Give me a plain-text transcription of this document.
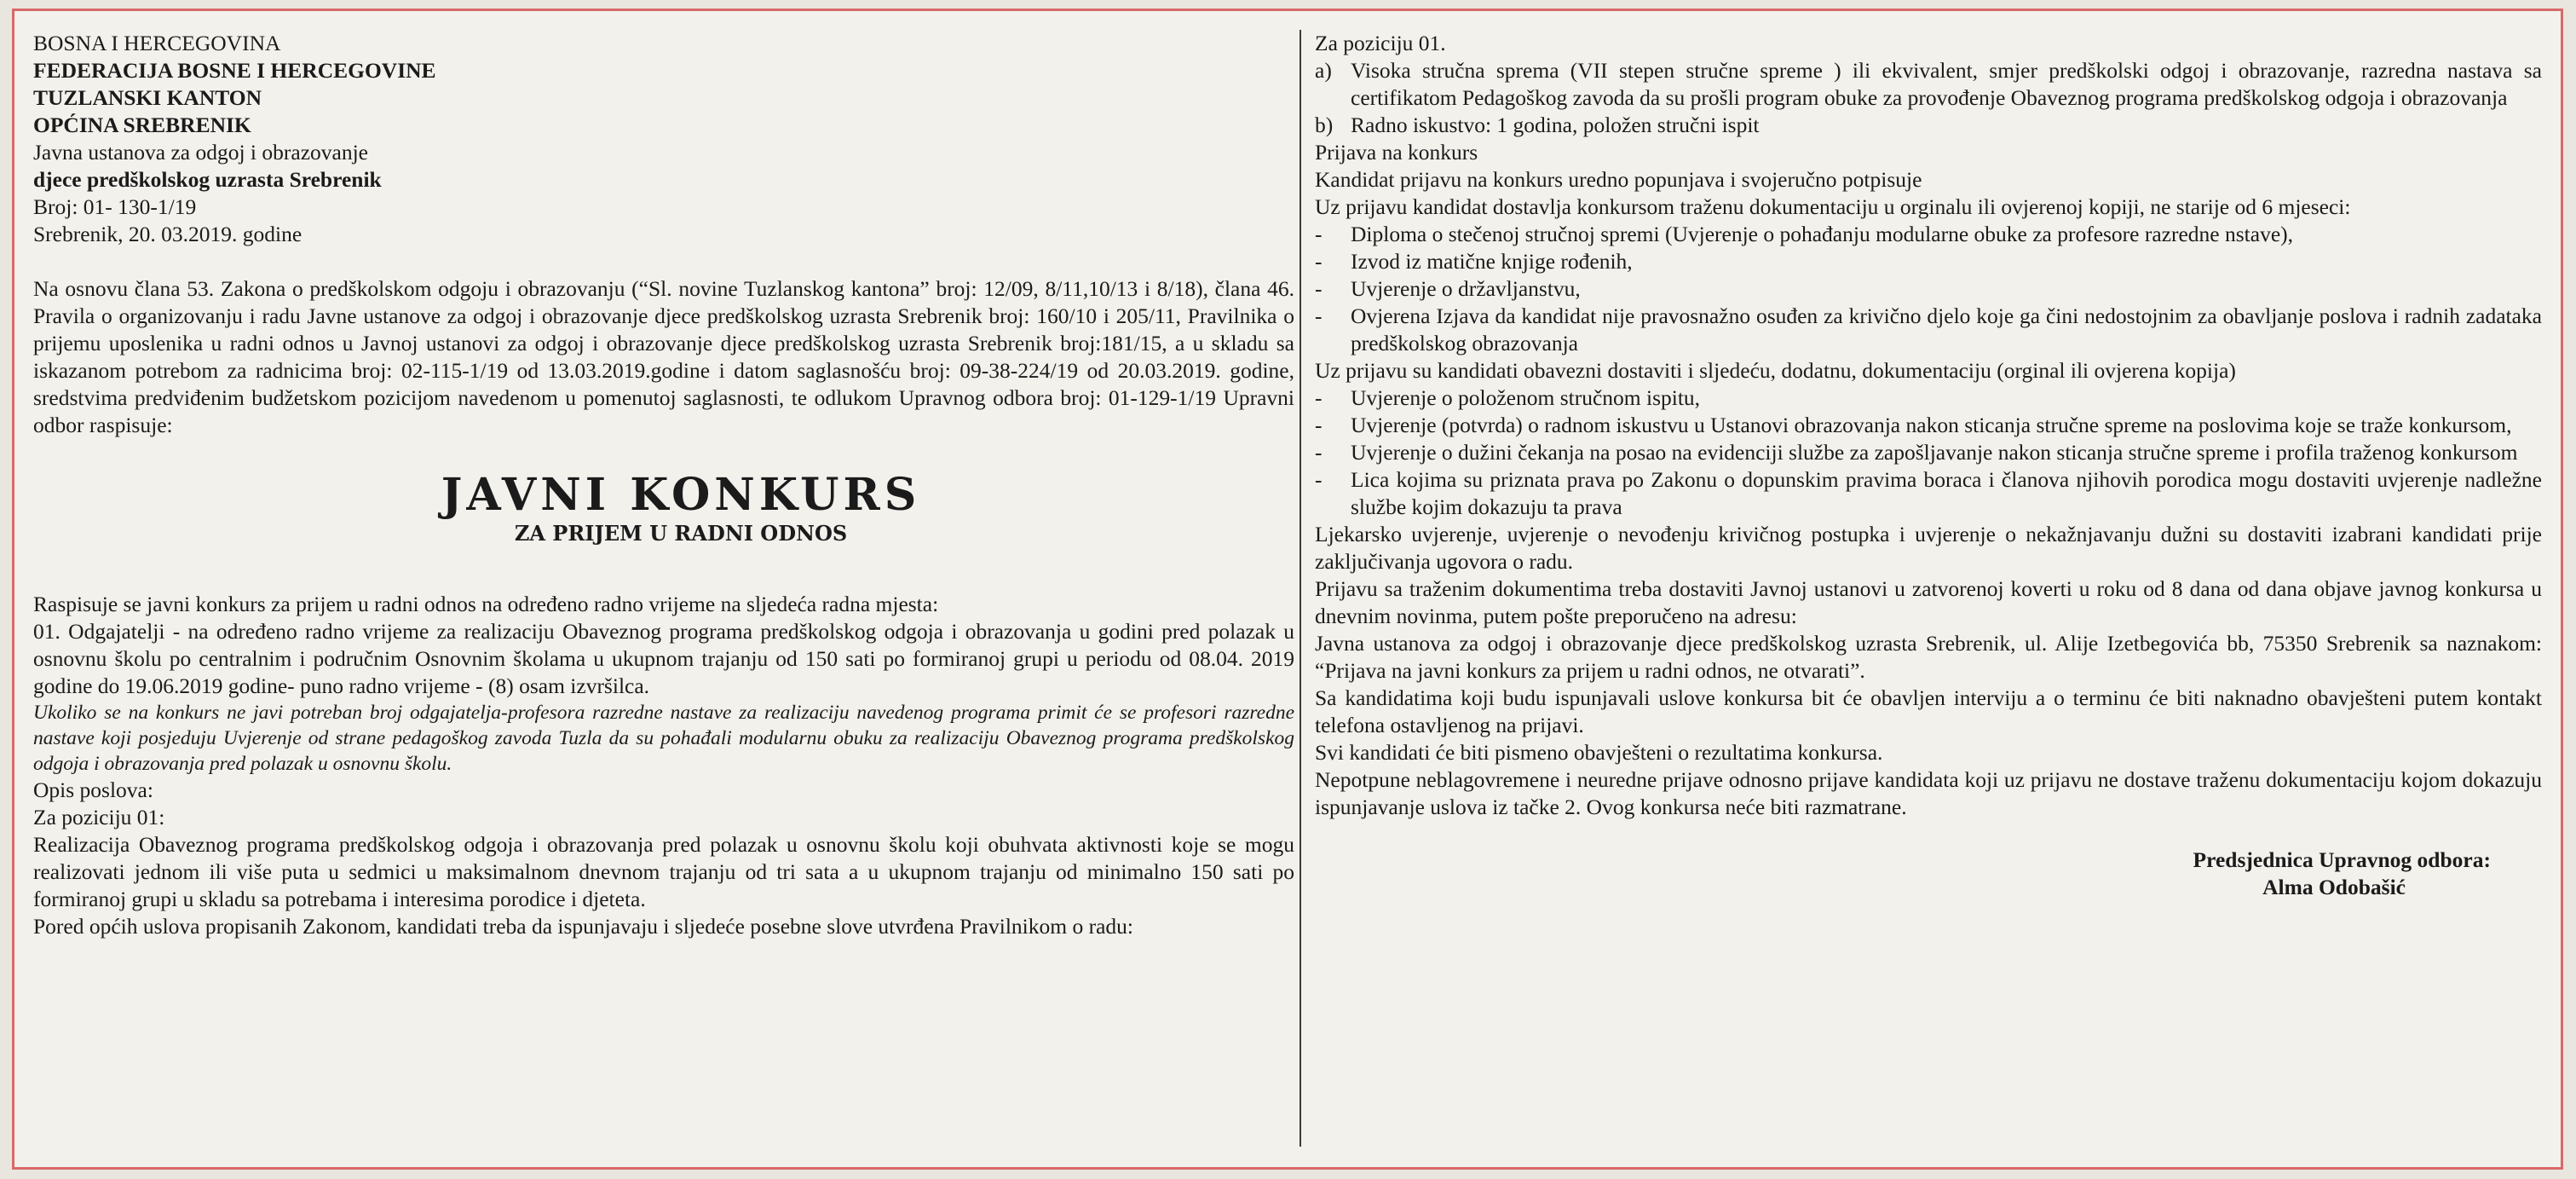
BOSNA I HERCEGOVINA

FEDERACIJA BOSNE I HERCEGOVINE

TUZLANSKI KANTON

OPĆINA SREBRENIK

Javna ustanova za odgoj i obrazovanje

djece predškolskog uzrasta Srebrenik

Broj: 01- 130-1/19

Srebrenik, 20. 03.2019. godine

Na osnovu člana 53. Zakona o predškolskom odgoju i obrazovanju (“Sl. novine Tuzlanskog kantona” broj: 12/09, 8/11,10/13 i 8/18), člana 46. Pravila o organizovanju i radu Javne ustanove za odgoj i obrazovanje djece predškolskog uzrasta Srebrenik broj: 160/10 i 205/11, Pravilnika o prijemu uposlenika u radni odnos u Javnoj ustanovi za odgoj i obrazovanje djece predškolskog uzrasta Srebrenik broj:181/15, a u skladu sa iskazanom potrebom za radnicima broj: 02-115-1/19 od 13.03.2019.godine i datom saglasnošću broj: 09-38-224/19 od 20.03.2019. godine, sredstvima predviđenim budžetskom pozicijom navedenom u pomenutoj saglasnosti, te odlukom Upravnog odbora broj: 01-129-1/19 Upravni odbor raspisuje:

JAVNI KONKURS
ZA PRIJEM U RADNI ODNOS

Raspisuje se javni konkurs za prijem u radni odnos na određeno radno vrijeme na sljedeća radna mjesta:

01. Odgajatelji - na određeno radno vrijeme za realizaciju Obaveznog programa predškolskog odgoja i obrazovanja u godini pred polazak u osnovnu školu po centralnim i područnim Osnovnim školama u ukupnom trajanju od 150 sati po formiranoj grupi u periodu od 08.04. 2019 godine do 19.06.2019 godine- puno radno vrijeme - (8) osam izvršilca.

Ukoliko se na konkurs ne javi potreban broj odgajatelja-profesora razredne nastave za realizaciju navedenog programa primit će se profesori razredne nastave koji posjeduju Uvjerenje od strane pedagoškog zavoda Tuzla da su pohađali modularnu obuku za realizaciju Obaveznog programa predškolskog odgoja i obrazovanja pred polazak u osnovnu školu.

Opis poslova:

Za poziciju 01:

Realizacija Obaveznog programa predškolskog odgoja i obrazovanja pred polazak u osnovnu školu koji obuhvata aktivnosti koje se mogu realizovati jednom ili više puta u sedmici u maksimalnom dnevnom trajanju od tri sata a u ukupnom trajanju od minimalno 150 sati po formiranoj grupi u skladu sa potrebama i interesima porodice i djeteta.

Pored općih uslova propisanih Zakonom, kandidati treba da ispunjavaju i sljedeće posebne slove utvrđena Pravilnikom o radu:

Za poziciju 01.

a) Visoka stručna sprema (VII stepen stručne spreme ) ili ekvivalent, smjer predškolski odgoj i obrazovanje, razredna nastava sa certifikatom Pedagoškog zavoda da su prošli program obuke za provođenje Obaveznog programa predškolskog odgoja i obrazovanja
b) Radno iskustvo: 1 godina, položen stručni ispit

Prijava na konkurs

Kandidat prijavu na konkurs uredno popunjava i svojeručno potpisuje

Uz prijavu kandidat dostavlja konkursom traženu dokumentaciju u orginalu ili ovjerenoj kopiji, ne starije od 6 mjeseci:

-	Diploma o stečenoj stručnoj spremi (Uvjerenje o pohađanju modularne obuke za profesore razredne nstave),
-	Izvod iz matične knjige rođenih,
-	Uvjerenje o državljanstvu,
-	Ovjerena Izjava da kandidat nije pravosnažno osuđen za krivično djelo koje ga čini nedostojnim za obavljanje poslova i radnih zadataka predškolskog obrazovanja

Uz prijavu su kandidati obavezni dostaviti i sljedeću, dodatnu, dokumentaciju (orginal ili ovjerena kopija)

-	Uvjerenje o položenom stručnom ispitu,
-	Uvjerenje (potvrda) o radnom iskustvu u Ustanovi obrazovanja nakon sticanja stručne spreme na poslovima koje se traže konkursom,
-	Uvjerenje o dužini čekanja na posao na evidenciji službe za zapošljavanje nakon sticanja stručne spreme i profila traženog konkursom
-	Lica kojima su priznata prava po Zakonu o dopunskim pravima boraca i članova njihovih porodica mogu dostaviti uvjerenje nadležne službe kojim dokazuju ta prava

Ljekarsko uvjerenje, uvjerenje o nevođenju krivičnog postupka i uvjerenje o nekažnjavanju dužni su dostaviti izabrani kandidati prije zaključivanja ugovora o radu.

Prijavu sa traženim dokumentima treba dostaviti Javnoj ustanovi u zatvorenoj koverti u roku od 8 dana od dana objave javnog konkursa u dnevnim novinma, putem pošte preporučeno na adresu:

Javna ustanova za odgoj i obrazovanje djece predškolskog uzrasta Srebrenik, ul. Alije Izetbegovića bb, 75350 Srebrenik sa naznakom: “Prijava na javni konkurs za prijem u radni odnos, ne otvarati”.

Sa kandidatima koji budu ispunjavali uslove konkursa bit će obavljen interviju a o terminu će biti naknadno obavješteni putem kontakt telefona ostavljenog na prijavi.

Svi kandidati će biti pismeno obavješteni o rezultatima konkursa.

Nepotpune neblagovremene i neuredne prijave odnosno prijave kandidata koji uz prijavu ne dostave traženu dokumentaciju kojom dokazuju ispunjavanje uslova iz tačke 2. Ovog konkursa neće biti razmatrane.

Predsjednica Upravnog odbora:

Alma Odobašić
